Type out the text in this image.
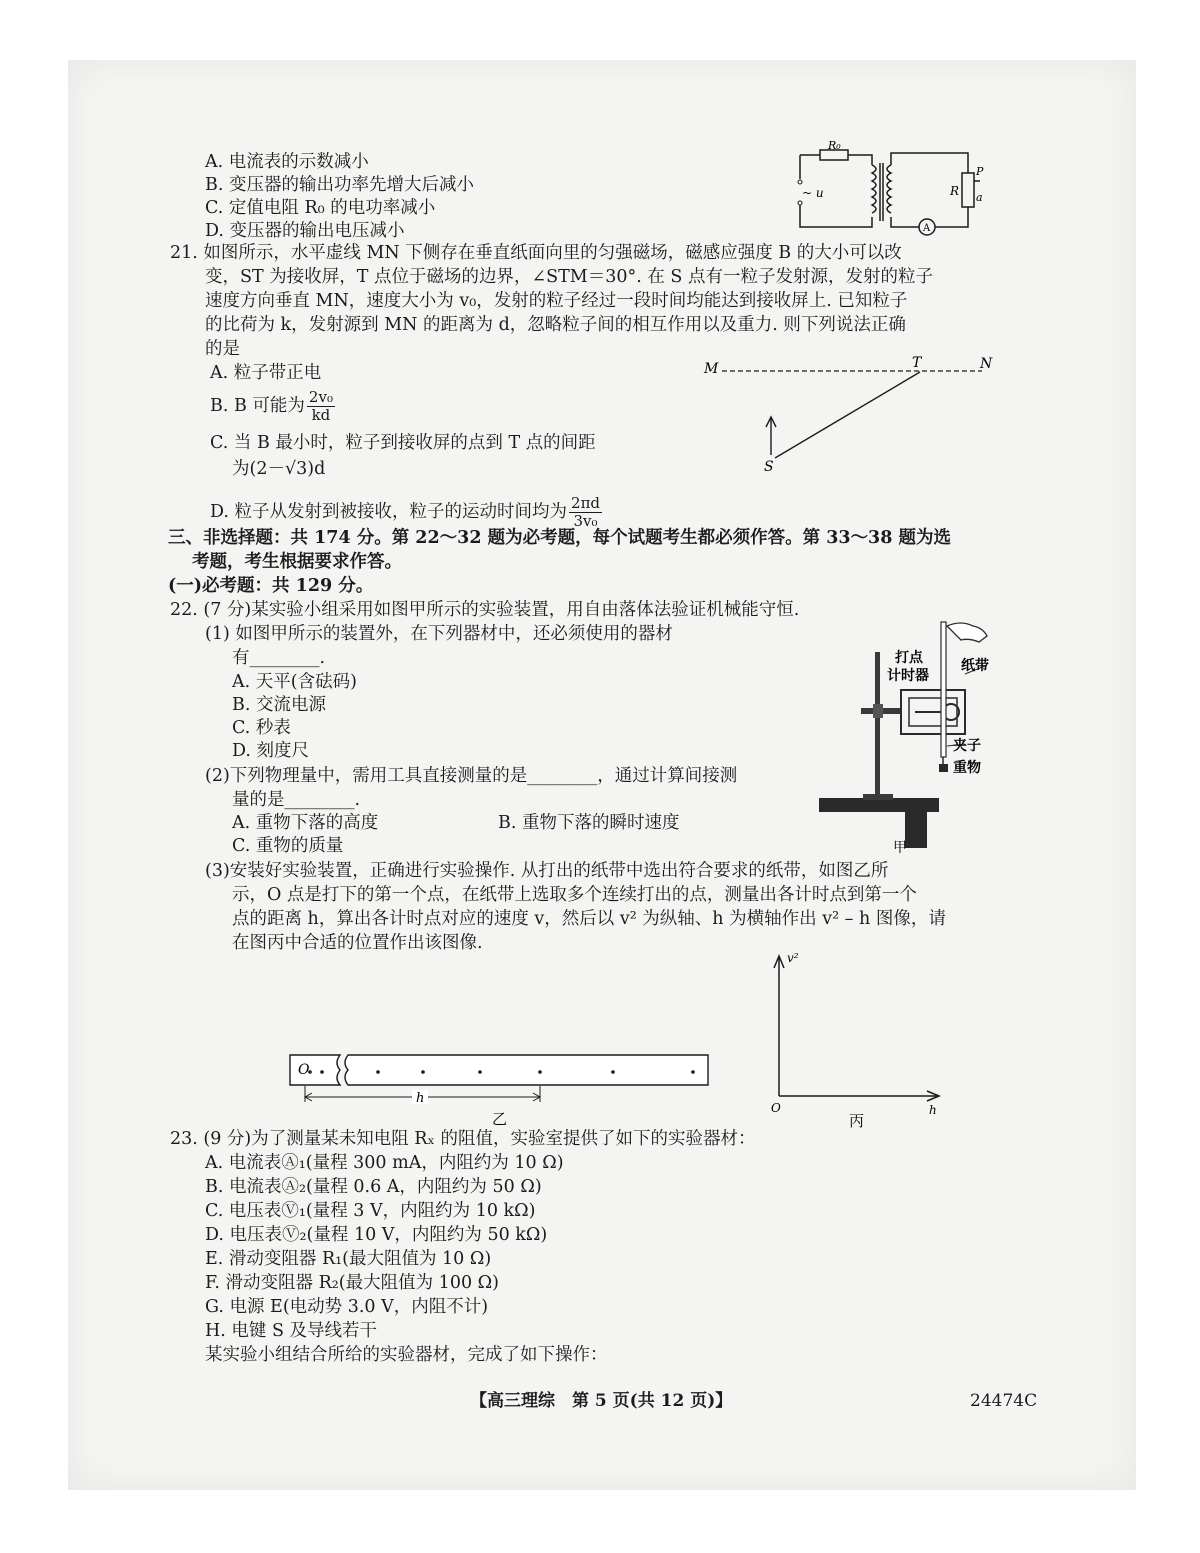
A. 电流表的示数减小
B. 变压器的输出功率先增大后减小
C. 定值电阻 R₀ 的电功率减小
D. 变压器的输出电压减小
R₀
~ u	R
P
a
A
21. 如图所示，水平虚线 MN 下侧存在垂直纸面向里的匀强磁场，磁感应强度 B 的大小可以改
变，ST 为接收屏，T 点位于磁场的边界，∠STM＝30°. 在 S 点有一粒子发射源，发射的粒子
速度方向垂直 MN，速度大小为 v₀，发射的粒子经过一段时间均能达到接收屏上. 已知粒子
的比荷为 k，发射源到 MN 的距离为 d，忽略粒子间的相互作用以及重力. 则下列说法正确
的是
A. 粒子带正电
B. B 可能为 $\frac{\text{2v₀}}{kd}$
C. 当 B 最小时，粒子到接收屏的点到 T 点的间距
为(2－√3)d
D. 粒子从发射到被接收，粒子的运动时间均为 $\frac{2\pi d}{\text{3v₀}}$
M	T	N
S
三、非选择题：共 174 分。第 22～32 题为必考题，每个试题考生都必须作答。第 33～38 题为选
考题，考生根据要求作答。
(一)必考题：共 129 分。
22. (7 分)某实验小组采用如图甲所示的实验装置，用自由落体法验证机械能守恒.
(1) 如图甲所示的装置外，在下列器材中，还必须使用的器材
有________.
A. 天平(含砝码)
B. 交流电源
C. 秒表
D. 刻度尺
(2)下列物理量中，需用工具直接测量的是________，通过计算间接测
量的是________.
A. 重物下落的高度	B. 重物下落的瞬时速度
C. 重物的质量
(3)安装好实验装置，正确进行实验操作. 从打出的纸带中选出符合要求的纸带，如图乙所
示，O 点是打下的第一个点，在纸带上选取多个连续打出的点，测量出各计时点到第一个
点的距离 h，算出各计时点对应的速度 v，然后以 v² 为纵轴、h 为横轴作出 v² – h 图像，请
在图丙中合适的位置作出该图像.
打点
计时器
纸带
夹子
重物
甲
O
h
乙
v²
O	h
丙
23. (9 分)为了测量某未知电阻 Rₓ 的阻值，实验室提供了如下的实验器材：
A. 电流表Ⓐ₁(量程 300 mA，内阻约为 10 Ω)
B. 电流表Ⓐ₂(量程 0.6 A，内阻约为 50 Ω)
C. 电压表Ⓥ₁(量程 3 V，内阻约为 10 kΩ)
D. 电压表Ⓥ₂(量程 10 V，内阻约为 50 kΩ)
E. 滑动变阻器 R₁(最大阻值为 10 Ω)
F. 滑动变阻器 R₂(最大阻值为 100 Ω)
G. 电源 E(电动势 3.0 V，内阻不计)
H. 电键 S 及导线若干
某实验小组结合所给的实验器材，完成了如下操作：
【高三理综　第 5 页(共 12 页)】	24474C
